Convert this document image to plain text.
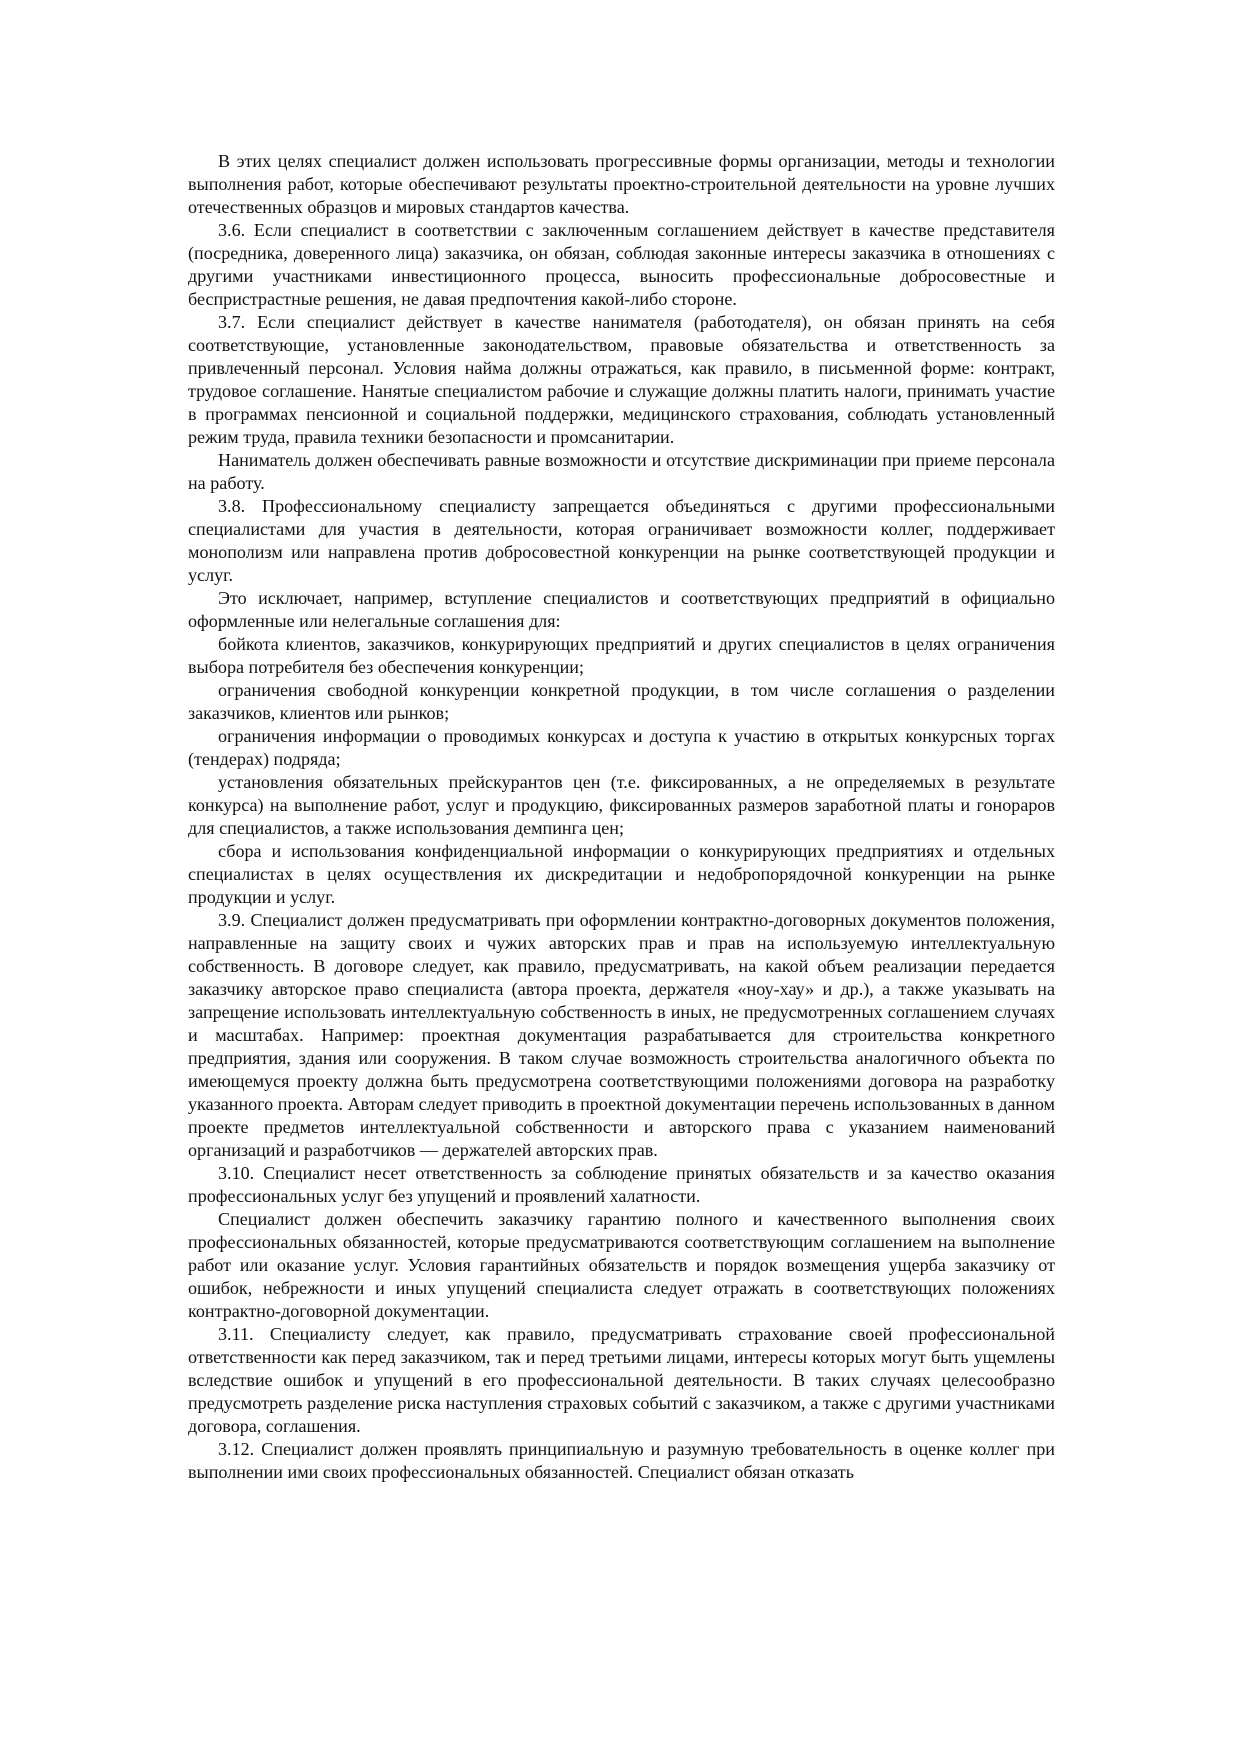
В этих целях специалист должен использовать прогрессивные формы организации, методы и технологии выполнения работ, которые обеспечивают результаты проектно-строительной деятельности на уровне лучших отечественных образцов и мировых стандартов качества.

3.6. Если специалист в соответствии с заключенным соглашением действует в качестве представителя (посредника, доверенного лица) заказчика, он обязан, соблюдая законные интересы заказчика в отношениях с другими участниками инвестиционного процесса, выносить профессиональные добросовестные и беспристрастные решения, не давая предпочтения какой-либо стороне.

3.7. Если специалист действует в качестве нанимателя (работодателя), он обязан принять на себя соответствующие, установленные законодательством, правовые обязательства и ответственность за привлеченный персонал. Условия найма должны отражаться, как правило, в письменной форме: контракт, трудовое соглашение. Нанятые специалистом рабочие и служащие должны платить налоги, принимать участие в программах пенсионной и социальной поддержки, медицинского страхования, соблюдать установленный режим труда, правила техники безопасности и промсанитарии.

Наниматель должен обеспечивать равные возможности и отсутствие дискриминации при приеме персонала на работу.

3.8. Профессиональному специалисту запрещается объединяться с другими профессиональными специалистами для участия в деятельности, которая ограничивает возможности коллег, поддерживает монополизм или направлена против добросовестной конкуренции на рынке соответствующей продукции и услуг.

Это исключает, например, вступление специалистов и соответствующих предприятий в официально оформленные или нелегальные соглашения для:

бойкота клиентов, заказчиков, конкурирующих предприятий и других специалистов в целях ограничения выбора потребителя без обеспечения конкуренции;

ограничения свободной конкуренции конкретной продукции, в том числе соглашения о разделении заказчиков, клиентов или рынков;

ограничения информации о проводимых конкурсах и доступа к участию в открытых конкурсных торгах (тендерах) подряда;

установления обязательных прейскурантов цен (т.е. фиксированных, а не определяемых в результате конкурса) на выполнение работ, услуг и продукцию, фиксированных размеров заработной платы и гонораров для специалистов, а также использования демпинга цен;

сбора и использования конфиденциальной информации о конкурирующих предприятиях и отдельных специалистах в целях осуществления их дискредитации и недобропорядочной конкуренции на рынке продукции и услуг.

3.9. Специалист должен предусматривать при оформлении контрактно-договорных документов положения, направленные на защиту своих и чужих авторских прав и прав на используемую интеллектуальную собственность. В договоре следует, как правило, предусматривать, на какой объем реализации передается заказчику авторское право специалиста (автора проекта, держателя «ноу-хау» и др.), а также указывать на запрещение использовать интеллектуальную собственность в иных, не предусмотренных соглашением случаях и масштабах. Например: проектная документация разрабатывается для строительства конкретного предприятия, здания или сооружения. В таком случае возможность строительства аналогичного объекта по имеющемуся проекту должна быть предусмотрена соответствующими положениями договора на разработку указанного проекта. Авторам следует приводить в проектной документации перечень использованных в данном проекте предметов интеллектуальной собственности и авторского права с указанием наименований организаций и разработчиков — держателей авторских прав.

3.10. Специалист несет ответственность за соблюдение принятых обязательств и за качество оказания профессиональных услуг без упущений и проявлений халатности.

Специалист должен обеспечить заказчику гарантию полного и качественного выполнения своих профессиональных обязанностей, которые предусматриваются соответствующим соглашением на выполнение работ или оказание услуг. Условия гарантийных обязательств и порядок возмещения ущерба заказчику от ошибок, небрежности и иных упущений специалиста следует отражать в соответствующих положениях контрактно-договорной документации.

3.11. Специалисту следует, как правило, предусматривать страхование своей профессиональной ответственности как перед заказчиком, так и перед третьими лицами, интересы которых могут быть ущемлены вследствие ошибок и упущений в его профессиональной деятельности. В таких случаях целесообразно предусмотреть разделение риска наступления страховых событий с заказчиком, а также с другими участниками договора, соглашения.

3.12. Специалист должен проявлять принципиальную и разумную требовательность в оценке коллег при выполнении ими своих профессиональных обязанностей. Специалист обязан отказать
